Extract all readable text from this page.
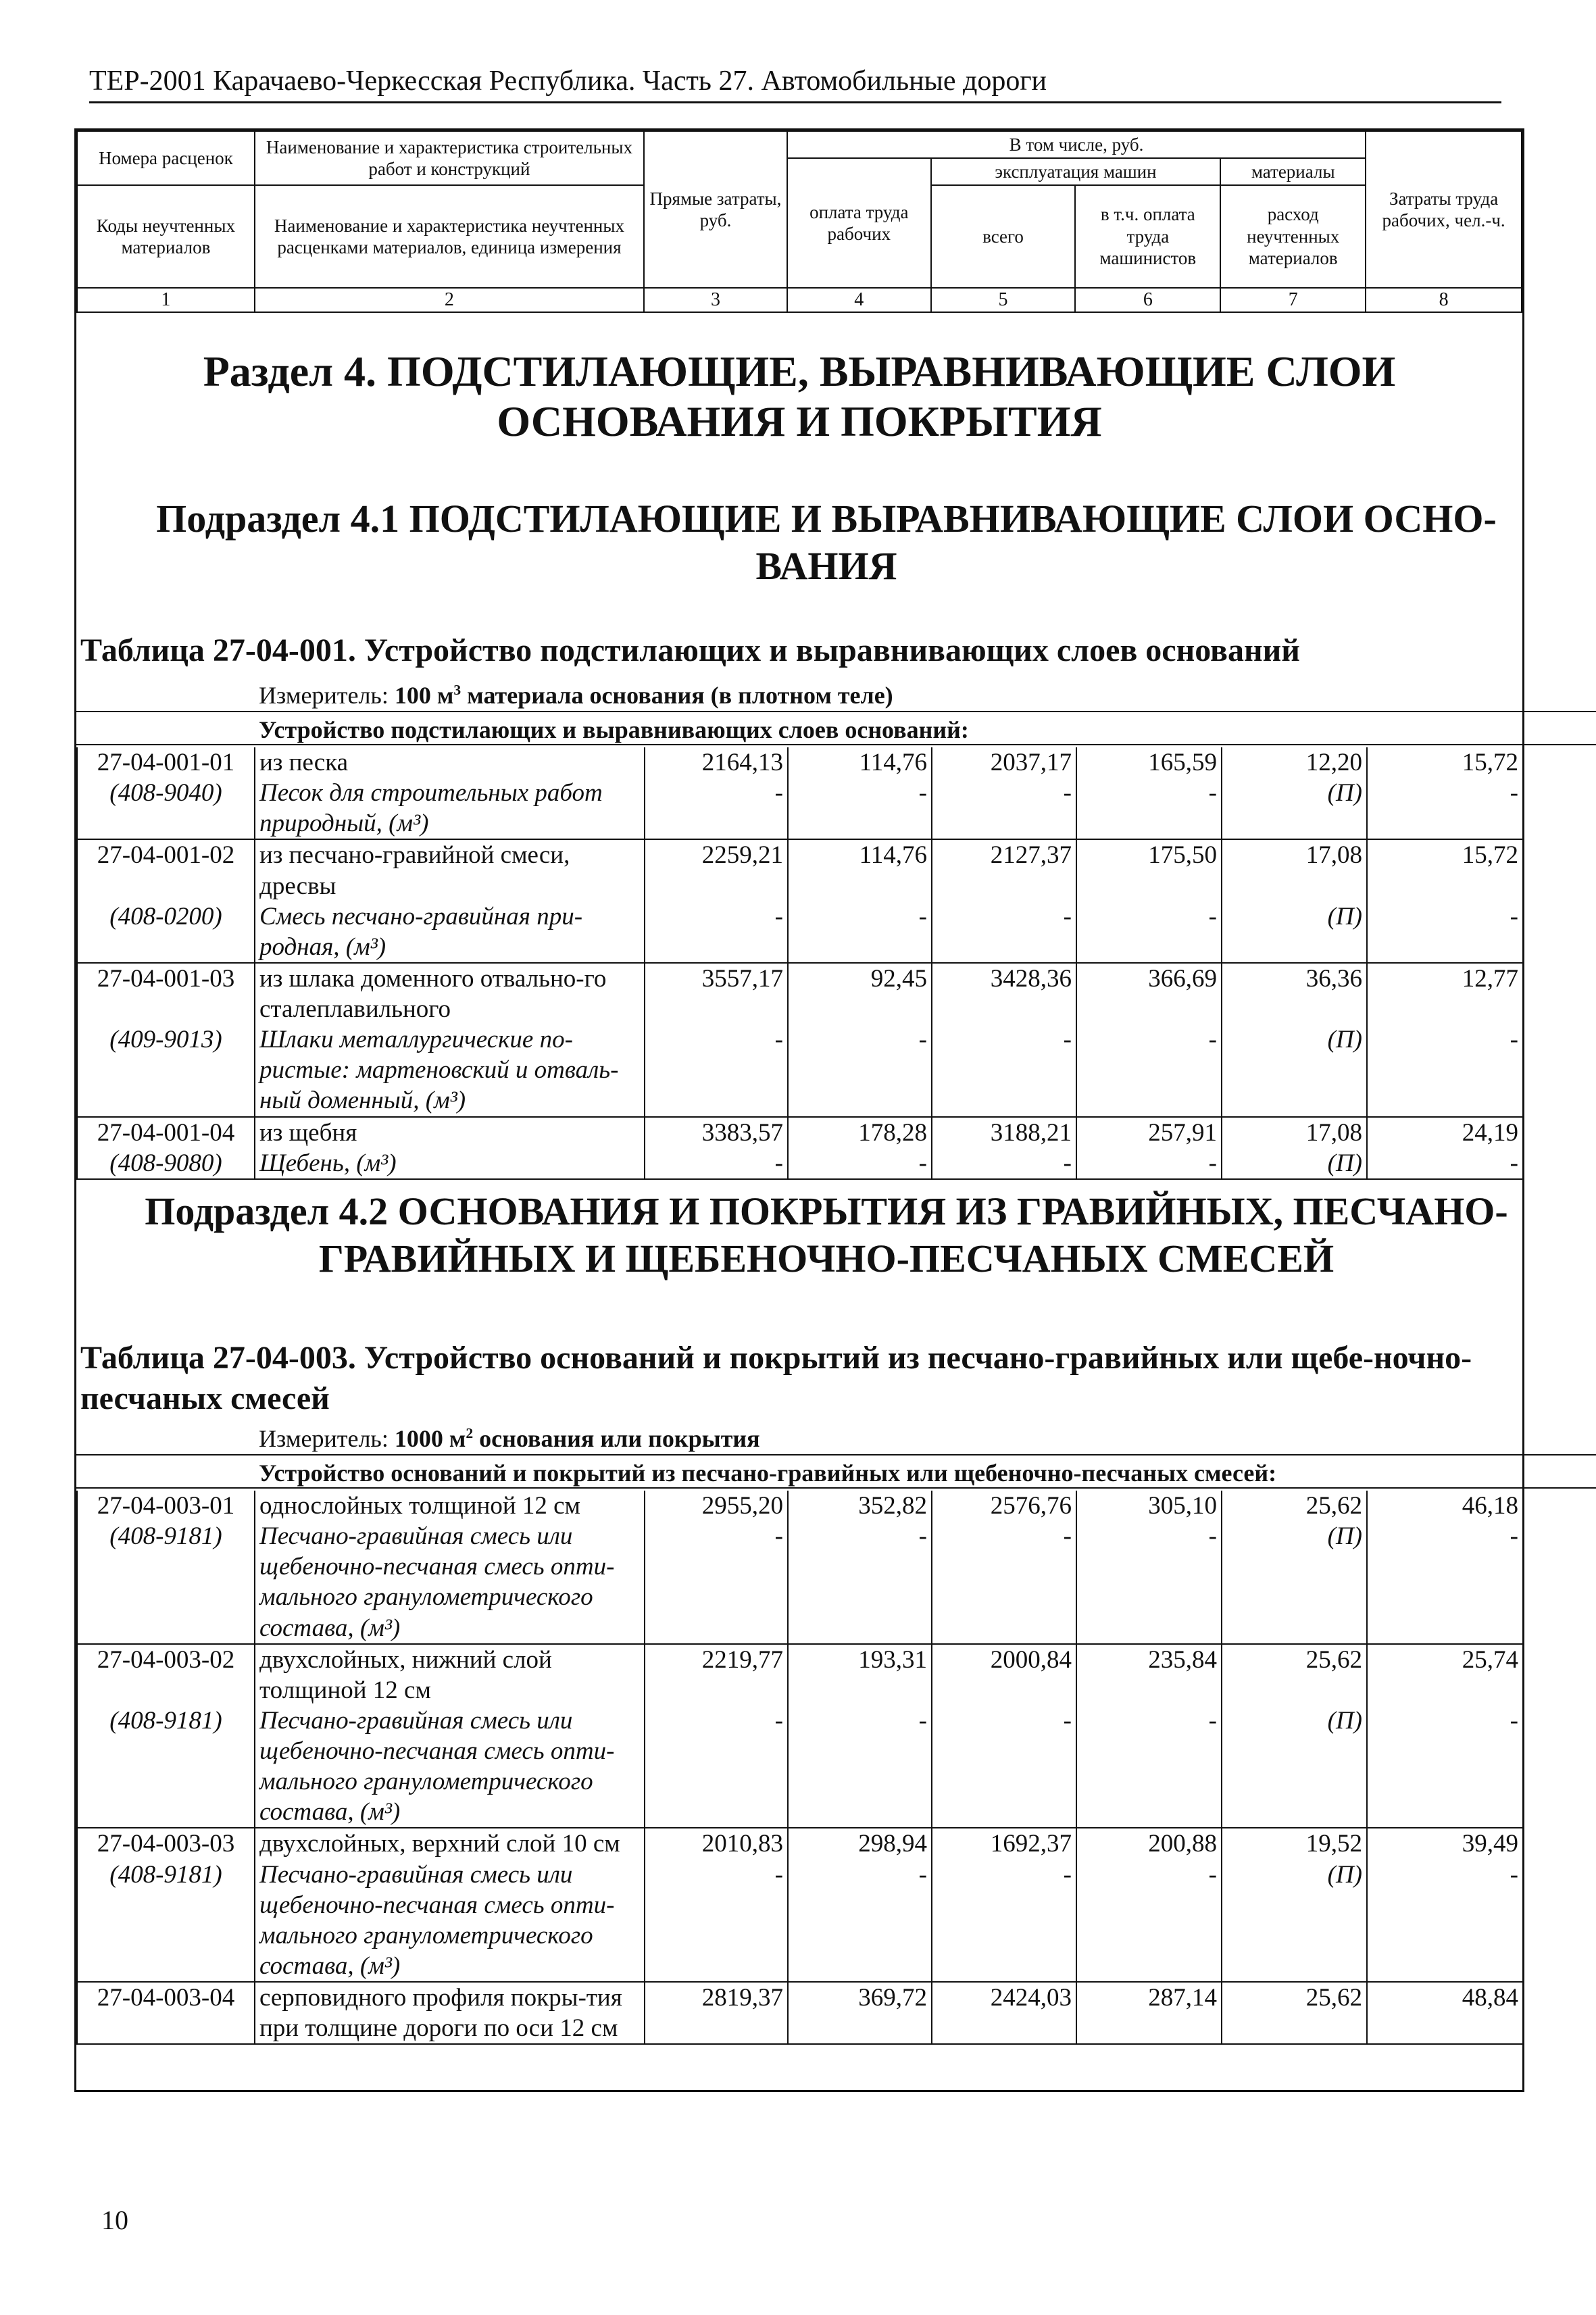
ТЕР-2001 Карачаево-Черкесская Республика. Часть 27. Автомобильные дороги
Номера расценок	Наименование и характеристика строительных работ и конструкций	Прямые затраты, руб.	В том числе, руб.				Затраты труда рабочих, чел.-ч.
			оплата труда рабочих	эксплуатация машин		материалы	
Коды неучтенных материалов	Наименование и характеристика неучтенных расценками материалов, единица измерения			всего	в т.ч. оплата труда машинистов	расход неучтенных материалов	

1	2	3	4	5	6	7	8
Раздел 4. ПОДСТИЛАЮЩИЕ, ВЫРАВНИВАЮЩИЕ СЛОИ ОСНОВАНИЯ И ПОКРЫТИЯ
Подраздел 4.1 ПОДСТИЛАЮЩИЕ И ВЫРАВНИВАЮЩИЕ СЛОИ ОСНО-ВАНИЯ
Таблица 27-04-001. Устройство подстилающих и выравнивающих слоев оснований
Измеритель: 100 $м^3$ материала основания (в плотном теле)
Устройство подстилающих и выравнивающих слоев оснований:
27-04-001-01	из песка	2164,13	114,76	2037,17	165,59	12,20	15,72
(408-9040)	Песок для строительных работ природный, (м³)	-	-	-	-	(П)	-
27-04-001-02	из песчано-гравийной смеси, дресвы	2259,21	114,76	2127,37	175,50	17,08	15,72
(408-0200)	Смесь песчано-гравийная при-родная, (м³)	-	-	-	-	(П)	-
27-04-001-03	из шлака доменного отвально-го сталеплавильного	3557,17	92,45	3428,36	366,69	36,36	12,77
(409-9013)	Шлаки металлургические по-ристые: мартеновский и отваль-ный доменный, (м³)	-	-	-	-	(П)	-
27-04-001-04	из щебня	3383,57	178,28	3188,21	257,91	17,08	24,19
(408-9080)	Щебень, (м³)	-	-	-	-	(П)	-
Подраздел 4.2 ОСНОВАНИЯ И ПОКРЫТИЯ ИЗ ГРАВИЙНЫХ, ПЕСЧАНО-ГРАВИЙНЫХ И ЩЕБЕНОЧНО-ПЕСЧАНЫХ СМЕСЕЙ
Таблица 27-04-003. Устройство оснований и покрытий из песчано-гравийных или щебе-ночно-песчаных смесей
Измеритель: 1000 $м^2$ основания или покрытия
Устройство оснований и покрытий из песчано-гравийных или щебеночно-песчаных смесей:
27-04-003-01	однослойных толщиной 12 см	2955,20	352,82	2576,76	305,10	25,62	46,18
(408-9181)	Песчано-гравийная смесь или щебеночно-песчаная смесь опти-мального гранулометрического состава, (м³)	-	-	-	-	(П)	-
27-04-003-02	двухслойных, нижний слой толщиной 12 см	2219,77	193,31	2000,84	235,84	25,62	25,74
(408-9181)	Песчано-гравийная смесь или щебеночно-песчаная смесь опти-мального гранулометрического состава, (м³)	-	-	-	-	(П)	-
27-04-003-03	двухслойных, верхний слой 10 см	2010,83	298,94	1692,37	200,88	19,52	39,49
(408-9181)	Песчано-гравийная смесь или щебеночно-песчаная смесь опти-мального гранулометрического состава, (м³)	-	-	-	-	(П)	-
27-04-003-04	серповидного профиля покры-тия при толщине дороги по оси 12 см	2819,37	369,72	2424,03	287,14	25,62	48,84
10
